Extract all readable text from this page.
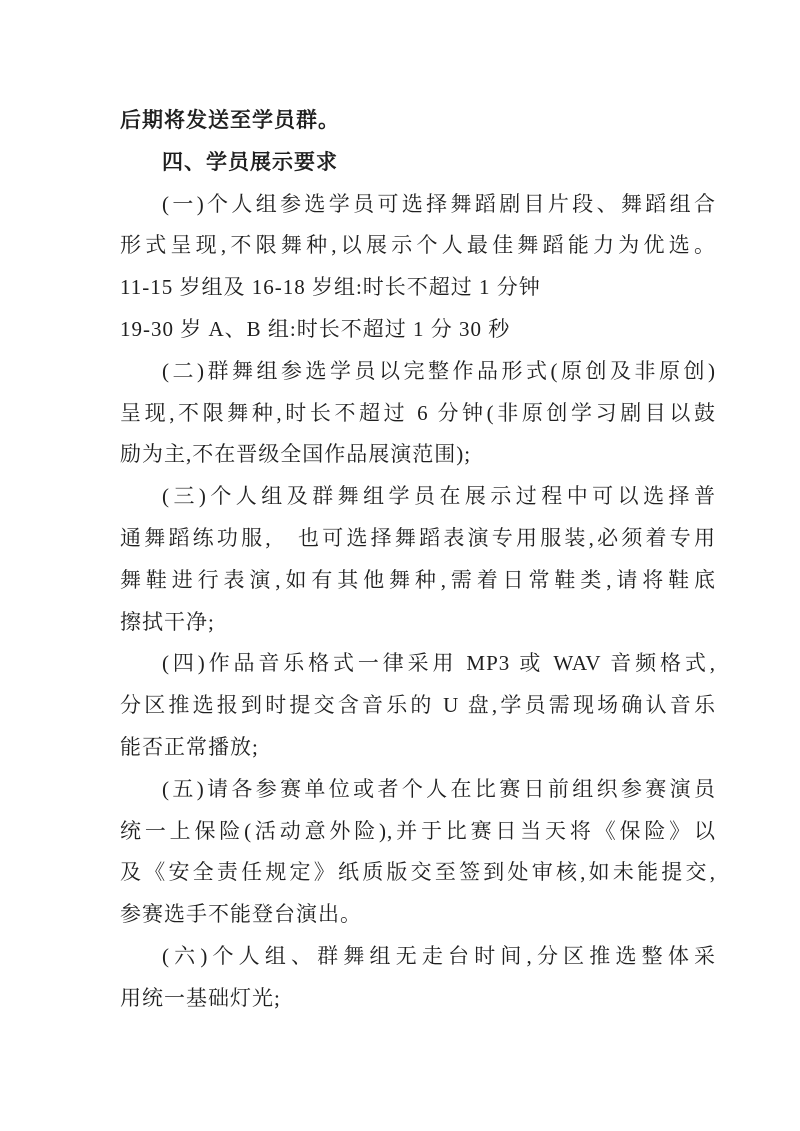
后期将发送至学员群。
四、学员展示要求
(一)个人组参选学员可选择舞蹈剧目片段、舞蹈组合
形式呈现,不限舞种,以展示个人最佳舞蹈能力为优选。
11-15 岁组及 16-18 岁组:时长不超过 1 分钟
19-30 岁 A、B 组:时长不超过 1 分 30 秒
(二)群舞组参选学员以完整作品形式(原创及非原创)
呈现,不限舞种,时长不超过 6 分钟(非原创学习剧目以鼓
励为主,不在晋级全国作品展演范围);
(三)个人组及群舞组学员在展示过程中可以选择普
通舞蹈练功服,　也可选择舞蹈表演专用服装,必须着专用
舞鞋进行表演,如有其他舞种,需着日常鞋类,请将鞋底
擦拭干净;
(四)作品音乐格式一律采用 MP3 或 WAV 音频格式,
分区推选报到时提交含音乐的 U 盘,学员需现场确认音乐
能否正常播放;
(五)请各参赛单位或者个人在比赛日前组织参赛演员
统一上保险(活动意外险),并于比赛日当天将《保险》以
及《安全责任规定》纸质版交至签到处审核,如未能提交,
参赛选手不能登台演出。
(六)个人组、群舞组无走台时间,分区推选整体采
用统一基础灯光;
